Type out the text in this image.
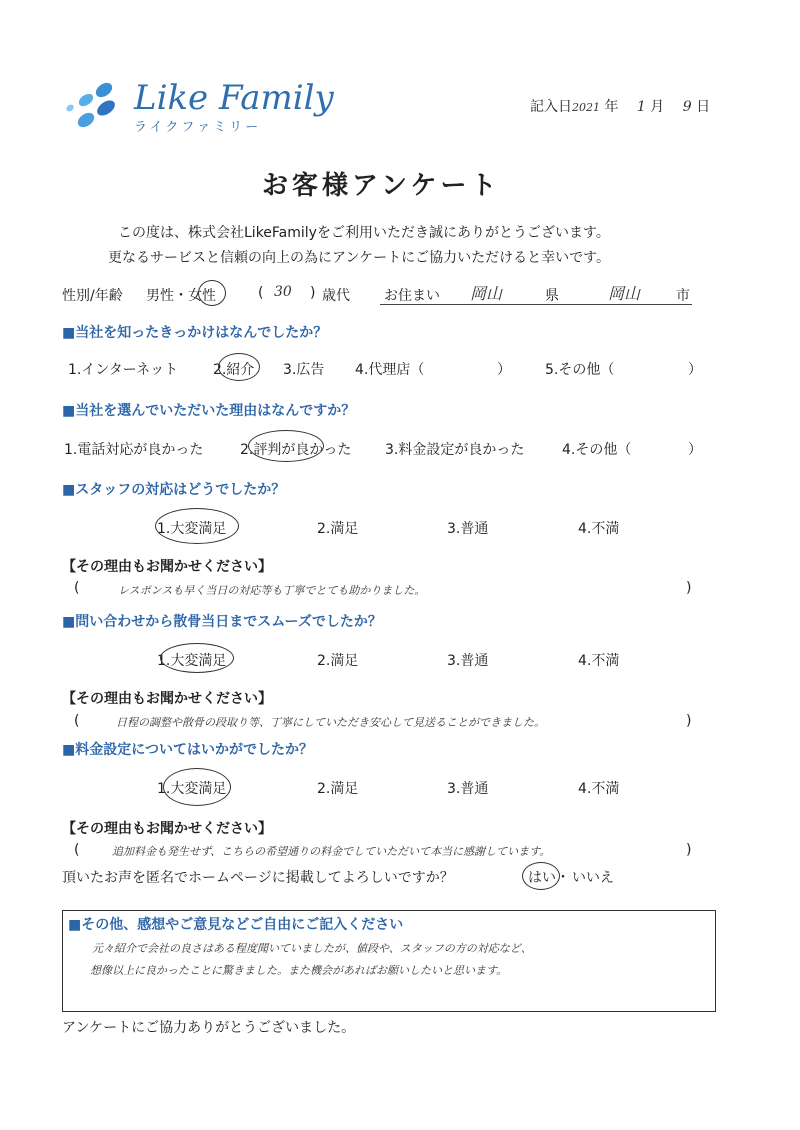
Like Family
ライクファミリー
記入日2021 年 1 月 9 日
お客様アンケート
この度は、株式会社LikeFamilyをご利用いただき誠にありがとうございます。
更なるサービスと信頼の向上の為にアンケートにご協力いただけると幸いです。
性別/年齢 男性・女性	( 30 ) 歳代 お住まい 岡山	県	岡山	市
■当社を知ったきっかけはなんでしたか？
1.インターネット 2.紹介 3.広告 4.代理店（	） 5.その他（	）
■当社を選んでいただいた理由はなんですか？
1.電話対応が良かった	2.評判が良かった 3.料金設定が良かった	4.その他（	）
■スタッフの対応はどうでしたか？
1.大変満足	2.満足	3.普通	4.不満
【その理由もお聞かせください】
(	レスポンスも早く当日の対応等も丁寧でとても助かりました。	)
■問い合わせから散骨当日までスムーズでしたか？
1.大変満足	2.満足	3.普通	4.不満
【その理由もお聞かせください】
(	日程の調整や散骨の段取り等、丁寧にしていただき安心して見送ることができました。	)
■料金設定についてはいかがでしたか？
1.大変満足	2.満足	3.普通	4.不満
【その理由もお聞かせください】
(	追加料金も発生せず、こちらの希望通りの料金でしていただいて本当に感謝しています。	)
頂いたお声を匿名でホームページに掲載してよろしいですか？	はい ・ いいえ
■その他、感想やご意見などご自由にご記入ください
元々紹介で会社の良さはある程度聞いていましたが、値段や、スタッフの方の対応など、
想像以上に良かったことに驚きました。また機会があればお願いしたいと思います。
アンケートにご協力ありがとうございました。
